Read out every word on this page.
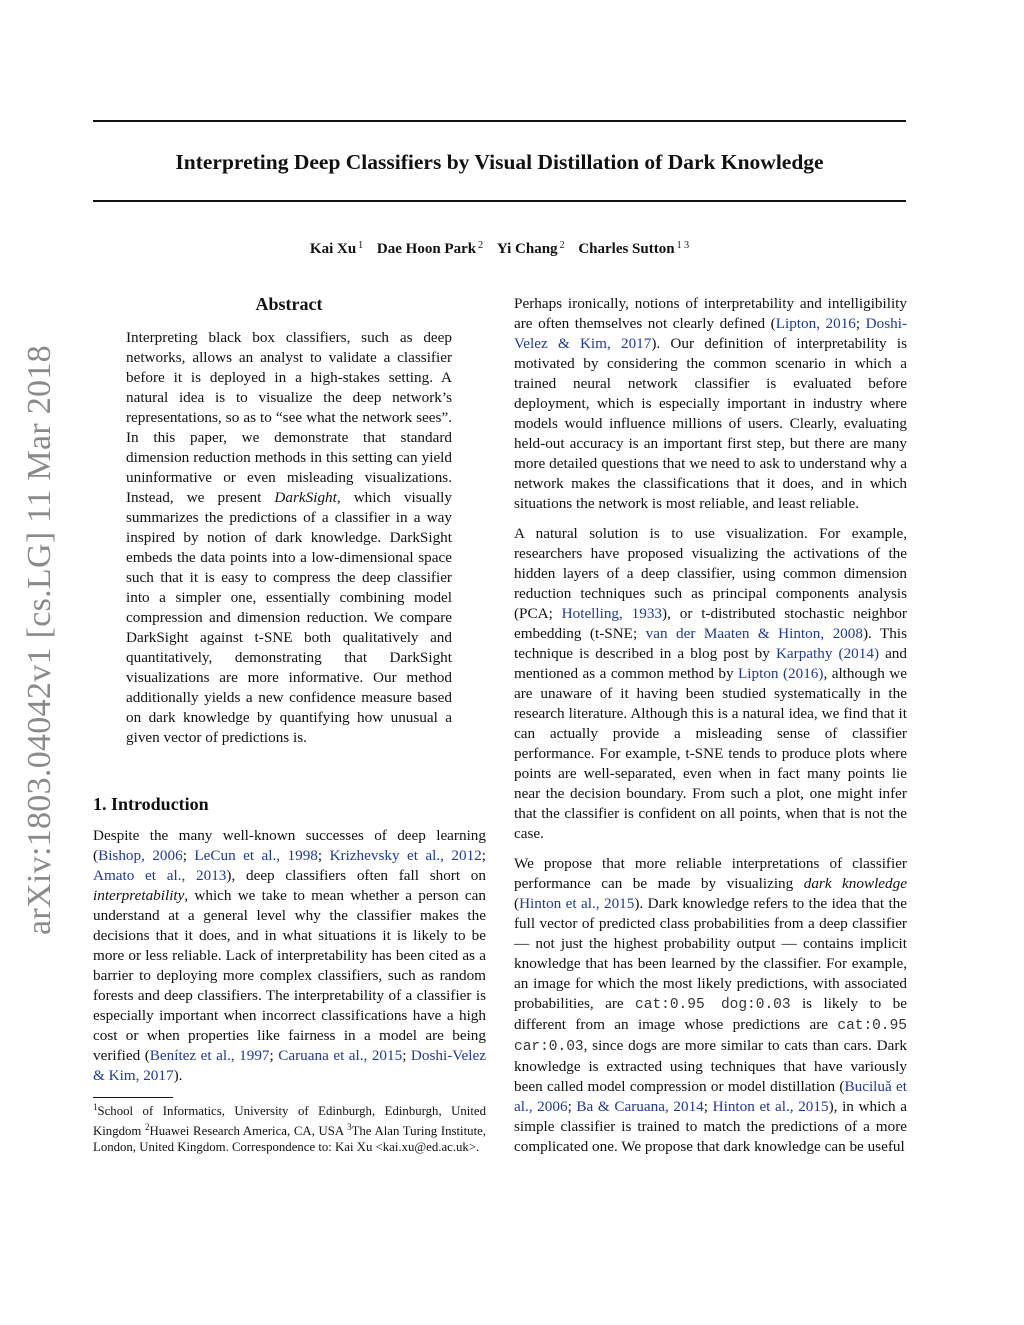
arXiv:1803.04042v1 [cs.LG] 11 Mar 2018
Interpreting Deep Classifiers by Visual Distillation of Dark Knowledge
Kai Xu $^1$ Dae Hoon Park $^2$ Yi Chang $^2$ Charles Sutton $^{1 3}$
Abstract

Interpreting black box classifiers, such as deep networks, allows an analyst to validate a classifier before it is deployed in a high-stakes setting. A natural idea is to visualize the deep network’s representations, so as to “see what the network sees”. In this paper, we demonstrate that standard dimension reduction methods in this setting can yield uninformative or even misleading visualizations. Instead, we present DarkSight, which visually summarizes the predictions of a classifier in a way inspired by notion of dark knowledge. DarkSight embeds the data points into a low-dimensional space such that it is easy to compress the deep classifier into a simpler one, essentially combining model compression and dimension reduction. We compare DarkSight against t-SNE both qualitatively and quantitatively, demonstrating that DarkSight visualizations are more informative. Our method additionally yields a new confidence measure based on dark knowledge by quantifying how unusual a given vector of predictions is.

1. Introduction

Despite the many well-known successes of deep learning (Bishop, 2006; LeCun et al., 1998; Krizhevsky et al., 2012; Amato et al., 2013), deep classifiers often fall short on interpretability, which we take to mean whether a person can understand at a general level why the classifier makes the decisions that it does, and in what situations it is likely to be more or less reliable. Lack of interpretability has been cited as a barrier to deploying more complex classifiers, such as random forests and deep classifiers. The interpretability of a classifier is especially important when incorrect classifications have a high cost or when properties like fairness in a model are being verified (Benítez et al., 1997; Caruana et al., 2015; Doshi-Velez & Kim, 2017).

$^1$School of Informatics, University of Edinburgh, Edinburgh, United Kingdom $^2$Huawei Research America, CA, USA $^3$The Alan Turing Institute, London, United Kingdom. Correspondence to: Kai Xu <kai.xu@ed.ac.uk>.

Perhaps ironically, notions of interpretability and intelligibility are often themselves not clearly defined (Lipton, 2016; Doshi-Velez & Kim, 2017). Our definition of interpretability is motivated by considering the common scenario in which a trained neural network classifier is evaluated before deployment, which is especially important in industry where models would influence millions of users. Clearly, evaluating held-out accuracy is an important first step, but there are many more detailed questions that we need to ask to understand why a network makes the classifications that it does, and in which situations the network is most reliable, and least reliable.

A natural solution is to use visualization. For example, researchers have proposed visualizing the activations of the hidden layers of a deep classifier, using common dimension reduction techniques such as principal components analysis (PCA; Hotelling, 1933), or t-distributed stochastic neighbor embedding (t-SNE; van der Maaten & Hinton, 2008). This technique is described in a blog post by Karpathy (2014) and mentioned as a common method by Lipton (2016), although we are unaware of it having been studied systematically in the research literature. Although this is a natural idea, we find that it can actually provide a misleading sense of classifier performance. For example, t-SNE tends to produce plots where points are well-separated, even when in fact many points lie near the decision boundary. From such a plot, one might infer that the classifier is confident on all points, when that is not the case.

We propose that more reliable interpretations of classifier performance can be made by visualizing dark knowledge (Hinton et al., 2015). Dark knowledge refers to the idea that the full vector of predicted class probabilities from a deep classifier — not just the highest probability output — contains implicit knowledge that has been learned by the classifier. For example, an image for which the most likely predictions, with associated probabilities, are cat:0.95 dog:0.03 is likely to be different from an image whose predictions are cat:0.95 car:0.03, since dogs are more similar to cats than cars. Dark knowledge is extracted using techniques that have variously been called model compression or model distillation (Buciluǎ et al., 2006; Ba & Caruana, 2014; Hinton et al., 2015), in which a simple classifier is trained to match the predictions of a more complicated one. We propose that dark knowledge can be useful
